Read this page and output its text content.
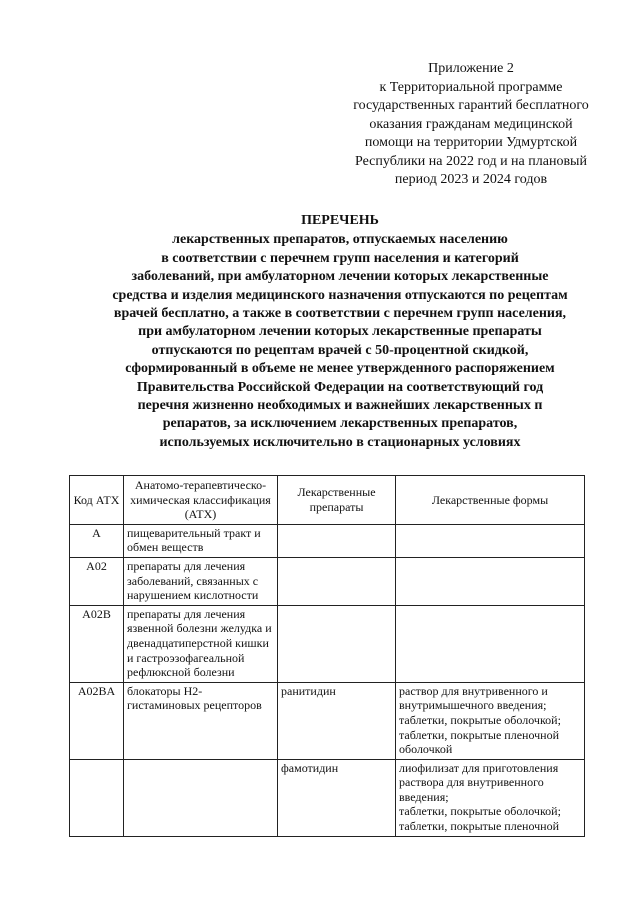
Приложение 2
к Территориальной программе
государственных гарантий бесплатного
оказания гражданам медицинской
помощи на территории Удмуртской
Республики на 2022 год и на плановый
период 2023 и 2024 годов
ПЕРЕЧЕНЬ
лекарственных препаратов, отпускаемых населению
в соответствии с перечнем групп населения и категорий
заболеваний, при амбулаторном лечении которых лекарственные
средства и изделия медицинского назначения отпускаются по рецептам
врачей бесплатно, а также в соответствии с перечнем групп населения,
при амбулаторном лечении которых лекарственные препараты
отпускаются по рецептам врачей с 50-процентной скидкой,
сформированный в объеме не менее утвержденного распоряжением
Правительства Российской Федерации на соответствующий год
перечня жизненно необходимых и важнейших лекарственных п
репаратов, за исключением лекарственных препаратов,
используемых исключительно в стационарных условиях
Код АТХ	Анатомо-терапевтическо-химическая классификация (АТХ)	Лекарственные препараты	Лекарственные формы
A	пищеварительный тракт и обмен веществ		
A02	препараты для лечения заболеваний, связанных с нарушением кислотности		
A02B	препараты для лечения язвенной болезни желудка и двенадцатиперстной кишки и гастроэзофагеальной рефлюксной болезни		
A02BA	блокаторы H2-гистаминовых рецепторов	ранитидин	раствор для внутривенного и внутримышечного введения;
таблетки, покрытые оболочкой;
таблетки, покрытые пленочной оболочкой

		фамотидин	лиофилизат для приготовления раствора для внутривенного введения;
таблетки, покрытые оболочкой;
таблетки, покрытые пленочной
